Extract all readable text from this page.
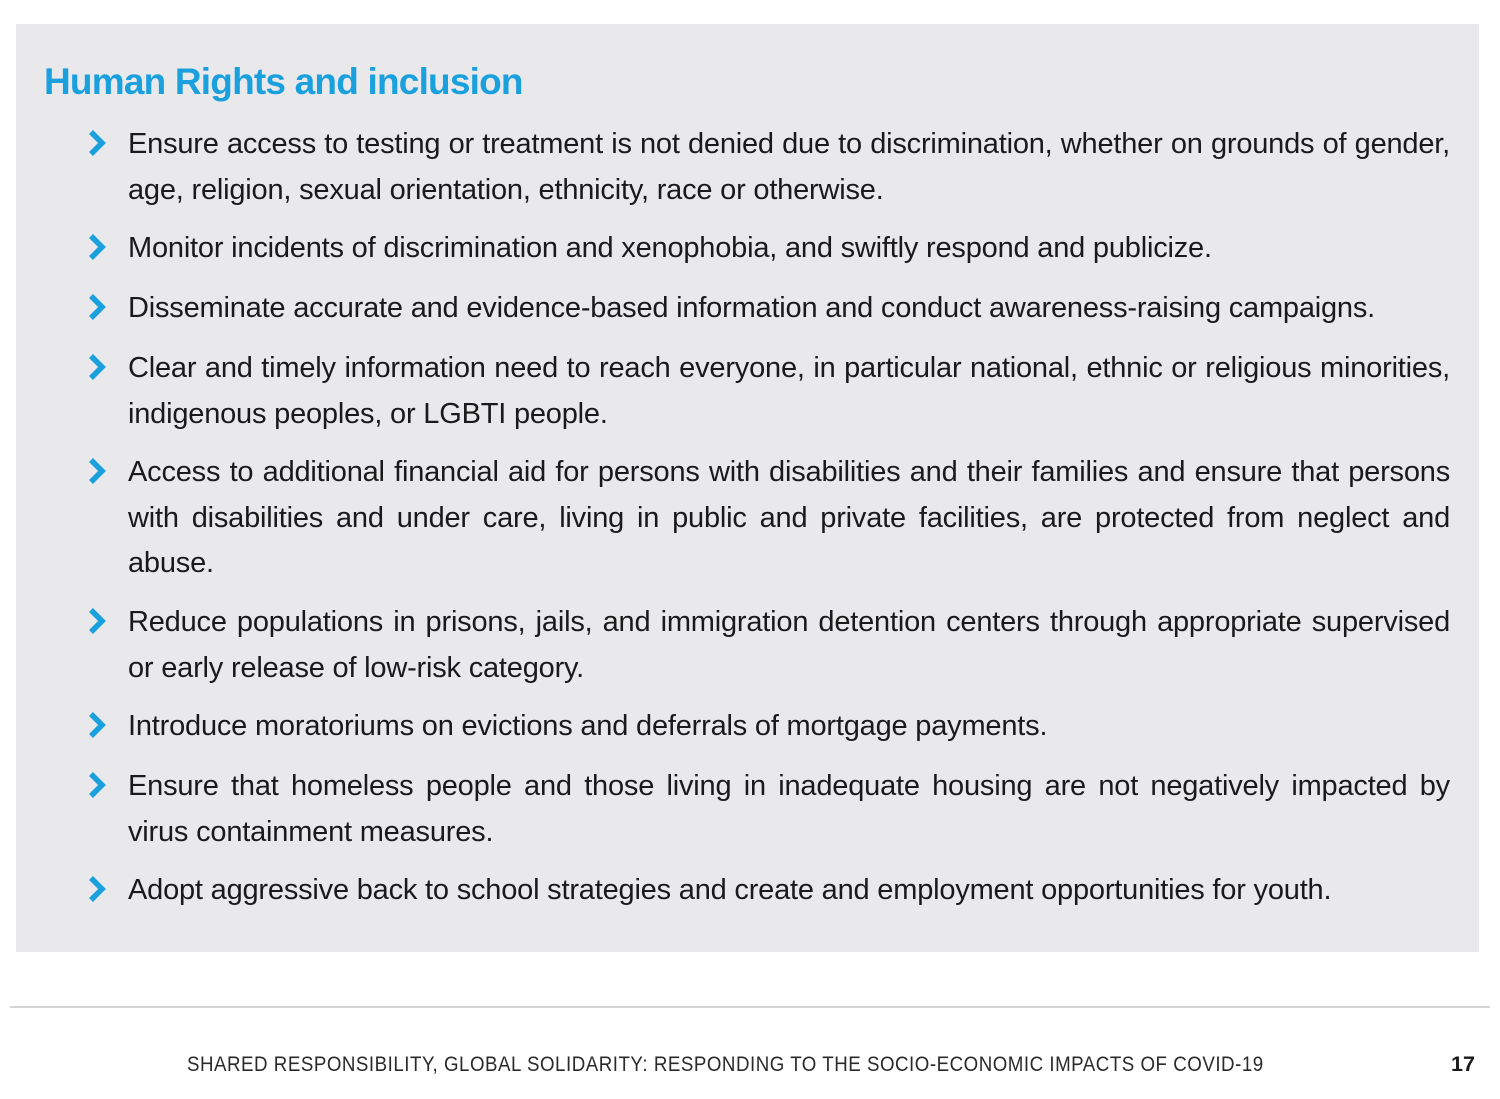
Human Rights and inclusion
Ensure access to testing or treatment is not denied due to discrimination, whether on grounds of gender, age, religion, sexual orientation, ethnicity, race or otherwise.
Monitor incidents of discrimination and xenophobia, and swiftly respond and publicize.
Disseminate accurate and evidence-based information and conduct awareness-raising campaigns.
Clear and timely information need to reach everyone, in particular national, ethnic or religious minorities, indigenous peoples, or LGBTI people.
Access to additional financial aid for persons with disabilities and their families and ensure that persons with disabilities and under care, living in public and private facilities, are protected from neglect and abuse.
Reduce populations in prisons, jails, and immigration detention centers through appropriate supervised or early release of low-risk category.
Introduce moratoriums on evictions and deferrals of mortgage payments.
Ensure that homeless people and those living in inadequate housing are not negatively impacted by virus containment measures.
Adopt aggressive back to school strategies and create and employment opportunities for youth.
SHARED RESPONSIBILITY, GLOBAL SOLIDARITY: RESPONDING TO THE SOCIO-ECONOMIC IMPACTS OF COVID-19	17
